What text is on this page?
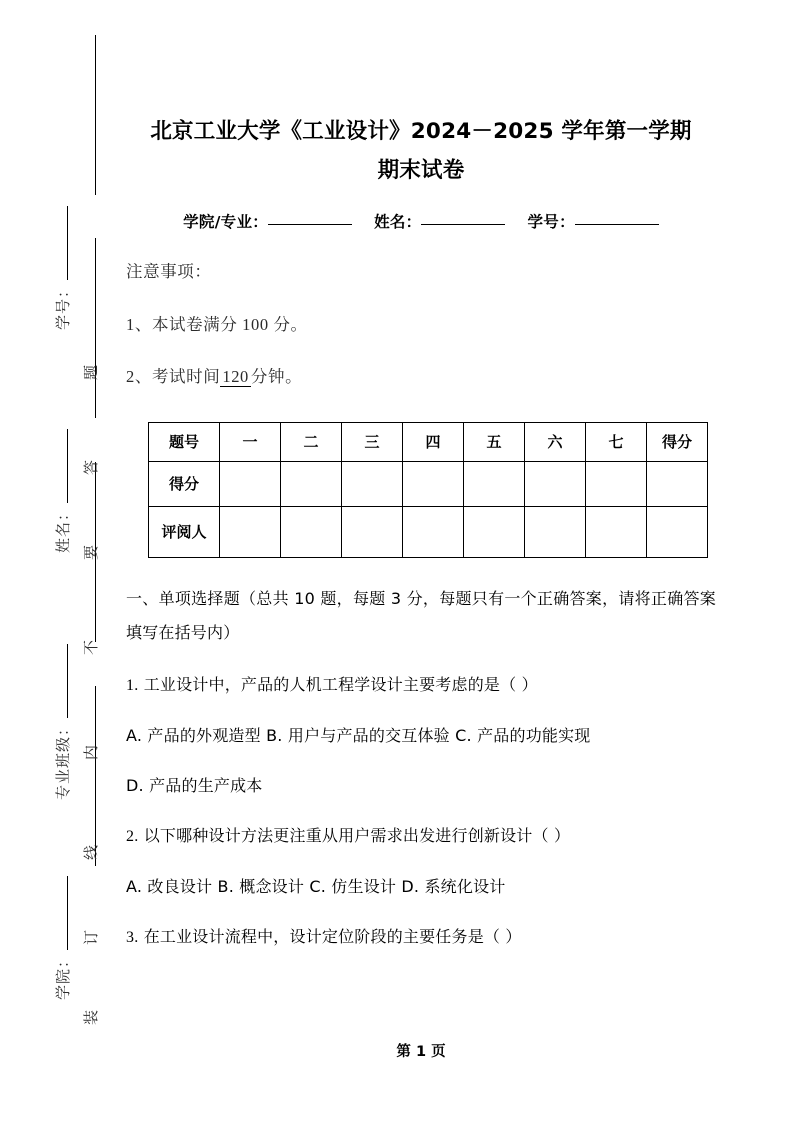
学号：
姓名：
专业班级：
学院：
题
答
要
不
内
线
订
装
北京工业大学《工业设计》2024－2025 学年第一学期
期末试卷
学院/专业：	姓名：	学号：

注意事项：

1、本试卷满分 100 分。

2、考试时间 120 分钟。

题号	一	二	三	四	五	六	七	得分
得分								
评阅人								

一、单项选择题（总共 10 题，每题 3 分，每题只有一个正确答案，请将正确答案填写在括号内）

1. 工业设计中，产品的人机工程学设计主要考虑的是（ ）

A. 产品的外观造型 B. 用户与产品的交互体验 C. 产品的功能实现

D. 产品的生产成本

2. 以下哪种设计方法更注重从用户需求出发进行创新设计（ ）

A. 改良设计 B. 概念设计 C. 仿生设计 D. 系统化设计

3. 在工业设计流程中，设计定位阶段的主要任务是（ ）

第 1 页
